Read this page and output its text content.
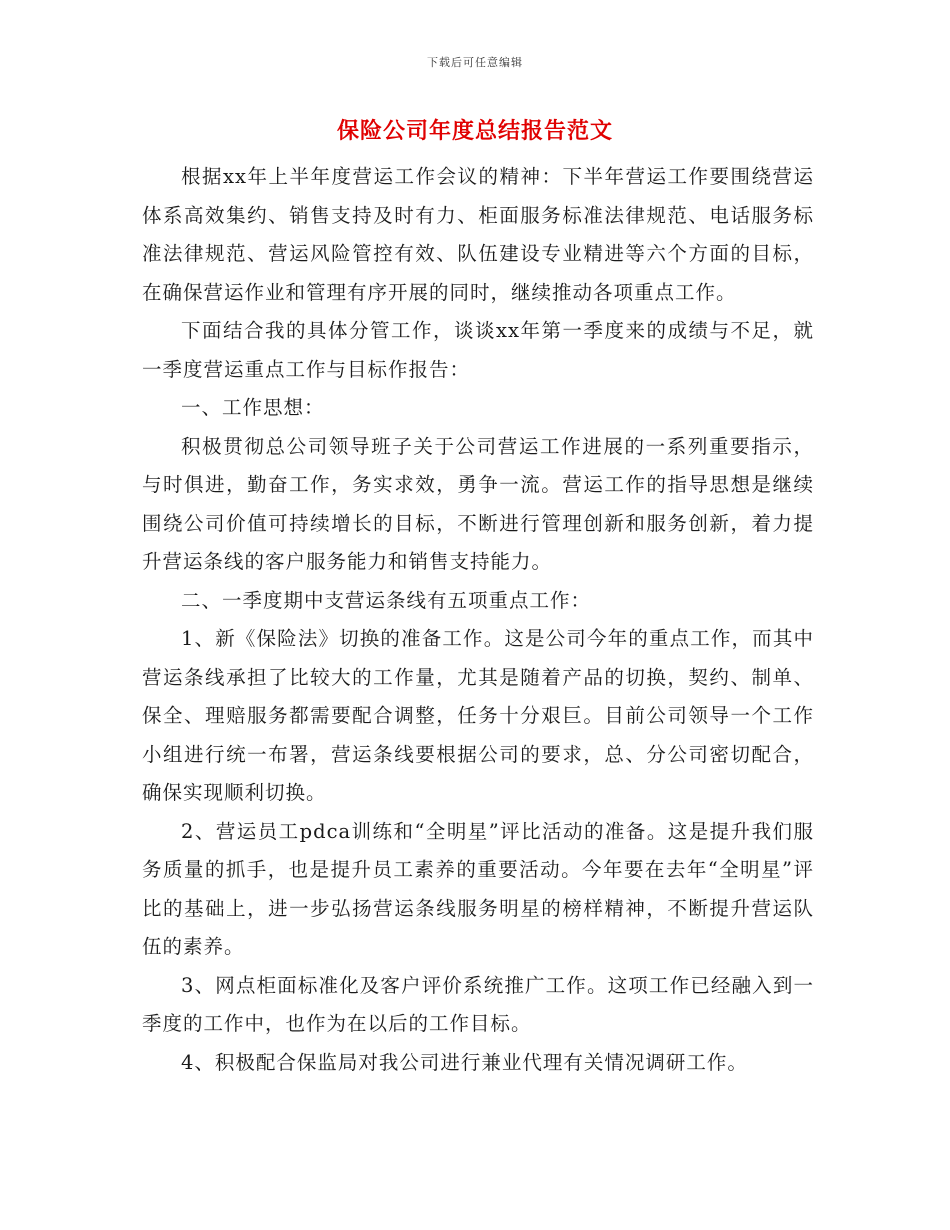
下载后可任意编辑
保险公司年度总结报告范文

根据xx年上半年度营运工作会议的精神：下半年营运工作要围绕营运体系高效集约、销售支持及时有力、柜面服务标准法律规范、电话服务标准法律规范、营运风险管控有效、队伍建设专业精进等六个方面的目标，在确保营运作业和管理有序开展的同时，继续推动各项重点工作。

下面结合我的具体分管工作，谈谈xx年第一季度来的成绩与不足，就一季度营运重点工作与目标作报告：

一、工作思想：

积极贯彻总公司领导班子关于公司营运工作进展的一系列重要指示，与时俱进，勤奋工作，务实求效，勇争一流。营运工作的指导思想是继续围绕公司价值可持续增长的目标，不断进行管理创新和服务创新，着力提升营运条线的客户服务能力和销售支持能力。

二、一季度期中支营运条线有五项重点工作：

1、新《保险法》切换的准备工作。这是公司今年的重点工作，而其中营运条线承担了比较大的工作量，尤其是随着产品的切换，契约、制单、保全、理赔服务都需要配合调整，任务十分艰巨。目前公司领导一个工作小组进行统一布署，营运条线要根据公司的要求，总、分公司密切配合，确保实现顺利切换。

2、营运员工pdca训练和“全明星”评比活动的准备。这是提升我们服务质量的抓手，也是提升员工素养的重要活动。今年要在去年“全明星”评比的基础上，进一步弘扬营运条线服务明星的榜样精神，不断提升营运队伍的素养。

3、网点柜面标准化及客户评价系统推广工作。这项工作已经融入到一季度的工作中，也作为在以后的工作目标。

4、积极配合保监局对我公司进行兼业代理有关情况调研工作。
